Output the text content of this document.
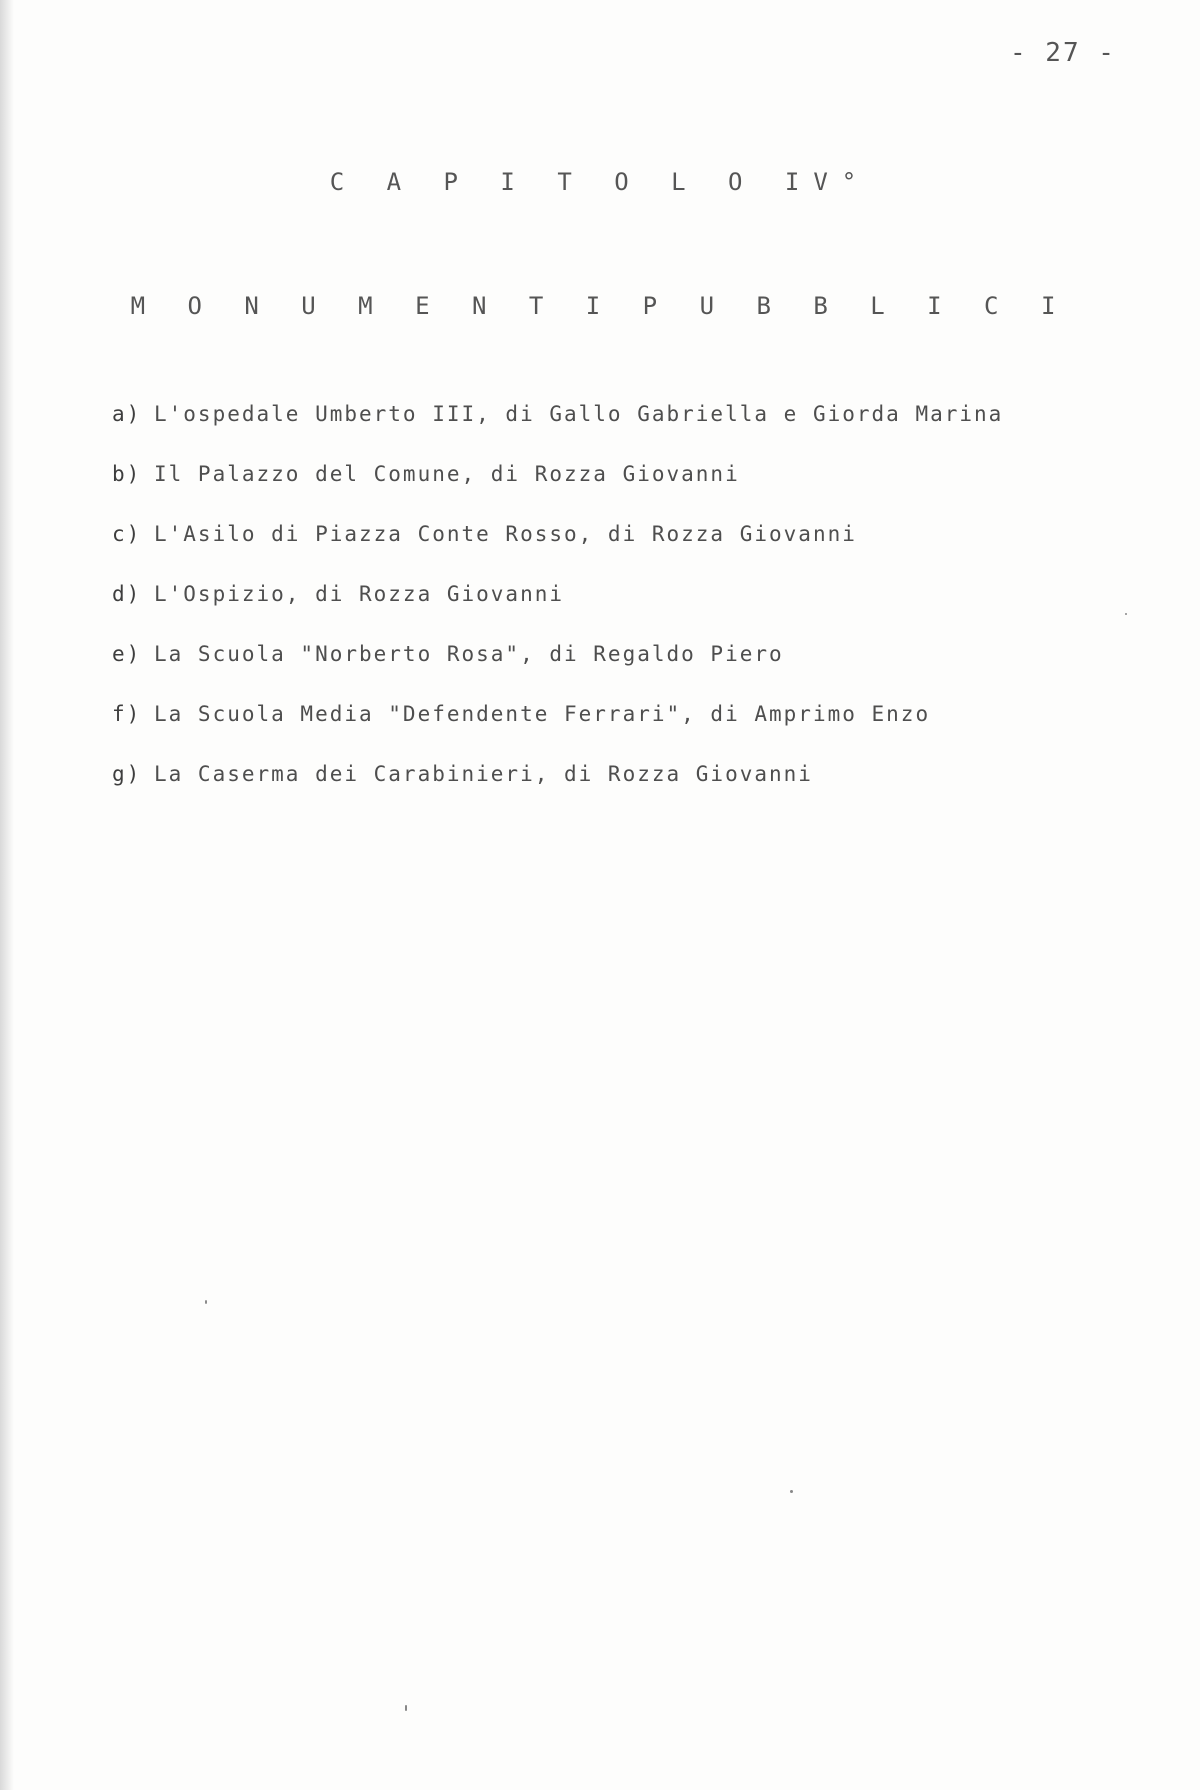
- 27 -
C A P I T O L O IV°
M O N U M E N T I P U B B L I C I
a) L'ospedale Umberto III, di Gallo Gabriella e Giorda Marina
b) Il Palazzo del Comune, di Rozza Giovanni
c) L'Asilo di Piazza Conte Rosso, di Rozza Giovanni
d) L'Ospizio, di Rozza Giovanni
e) La Scuola "Norberto Rosa", di Regaldo Piero
f) La Scuola Media "Defendente Ferrari", di Amprimo Enzo
g) La Caserma dei Carabinieri, di Rozza Giovanni
